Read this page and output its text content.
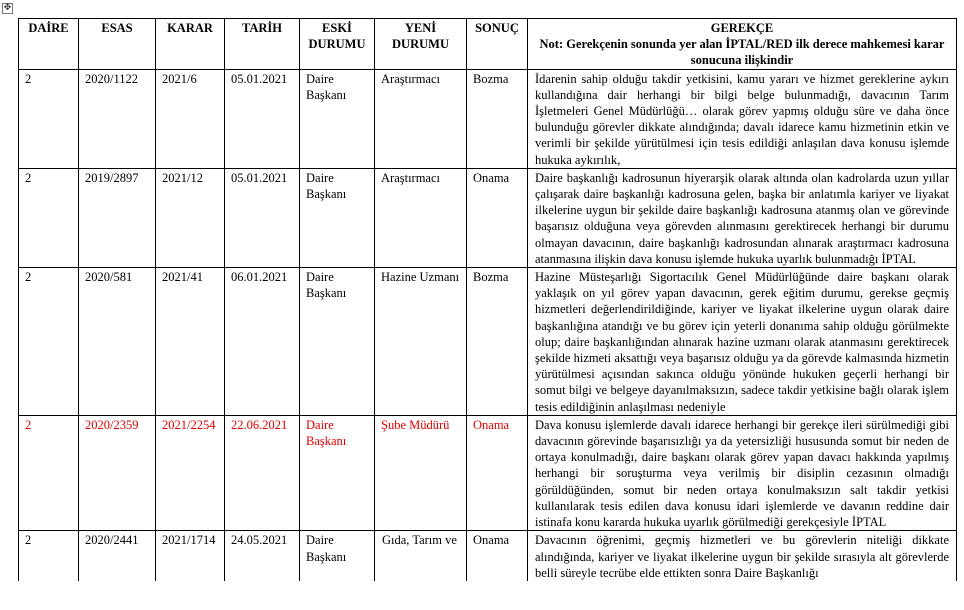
✥
DAİRE	ESAS	KARAR	TARİH	ESKİ DURUMU	YENİ DURUMU	SONUÇ	GEREKÇE
Not: Gerekçenin sonunda yer alan İPTAL/RED ilk derece mahkemesi karar sonucuna ilişkindir

2	2020/1122	2021/6	05.01.2021	Daire Başkanı	Araştırmacı	Bozma	İdarenin sahip olduğu takdir yetkisini, kamu yararı ve hizmet gereklerine aykırı kullandığına dair herhangi bir bilgi belge bulunmadığı, davacının Tarım İşletmeleri Genel Müdürlüğü… olarak görev yapmış olduğu süre ve daha önce bulunduğu görevler dikkate alındığında; davalı idarece kamu hizmetinin etkin ve verimli bir şekilde yürütülmesi için tesis edildiği anlaşılan dava konusu işlemde hukuka aykırılık,
2	2019/2897	2021/12	05.01.2021	Daire Başkanı	Araştırmacı	Onama	Daire başkanlığı kadrosunun hiyerarşik olarak altında olan kadrolarda uzun yıllar çalışarak daire başkanlığı kadrosuna gelen, başka bir anlatımla kariyer ve liyakat ilkelerine uygun bir şekilde daire başkanlığı kadrosuna atanmış olan ve görevinde başarısız olduğuna veya görevden alınmasını gerektirecek herhangi bir durumu olmayan davacının, daire başkanlığı kadrosundan alınarak araştırmacı kadrosuna atanmasına ilişkin dava konusu işlemde hukuka uyarlık bulunmadığı İPTAL
2	2020/581	2021/41	06.01.2021	Daire Başkanı	Hazine Uzmanı	Bozma	Hazine Müsteşarlığı Sigortacılık Genel Müdürlüğünde daire başkanı olarak yaklaşık on yıl görev yapan davacının, gerek eğitim durumu, gerekse geçmiş hizmetleri değerlendirildiğinde, kariyer ve liyakat ilkelerine uygun olarak daire başkanlığına atandığı ve bu görev için yeterli donanıma sahip olduğu görülmekte olup; daire başkanlığından alınarak hazine uzmanı olarak atanmasını gerektirecek şekilde hizmeti aksattığı veya başarısız olduğu ya da görevde kalmasında hizmetin yürütülmesi açısından sakınca olduğu yönünde hukuken geçerli herhangi bir somut bilgi ve belgeye dayanılmaksızın, sadece takdir yetkisine bağlı olarak işlem tesis edildiğinin anlaşılması nedeniyle
2	2020/2359	2021/2254	22.06.2021	Daire Başkanı	Şube Müdürü	Onama	Dava konusu işlemlerde davalı idarece herhangi bir gerekçe ileri sürülmediği gibi davacının görevinde başarısızlığı ya da yetersizliği hususunda somut bir neden de ortaya konulmadığı, daire başkanı olarak görev yapan davacı hakkında yapılmış herhangi bir soruşturma veya verilmiş bir disiplin cezasının olmadığı görüldüğünden, somut bir neden ortaya konulmaksızın salt takdir yetkisi kullanılarak tesis edilen dava konusu idari işlemlerde ve davanın reddine dair istinafa konu kararda hukuka uyarlık görülmediği gerekçesiyle İPTAL
2	2020/2441	2021/1714	24.05.2021	Daire Başkanı	Gıda, Tarım ve	Onama	Davacının öğrenimi, geçmiş hizmetleri ve bu görevlerin niteliği dikkate alındığında, kariyer ve liyakat ilkelerine uygun bir şekilde sırasıyla alt görevlerde belli süreyle tecrübe elde ettikten sonra Daire Başkanlığı
